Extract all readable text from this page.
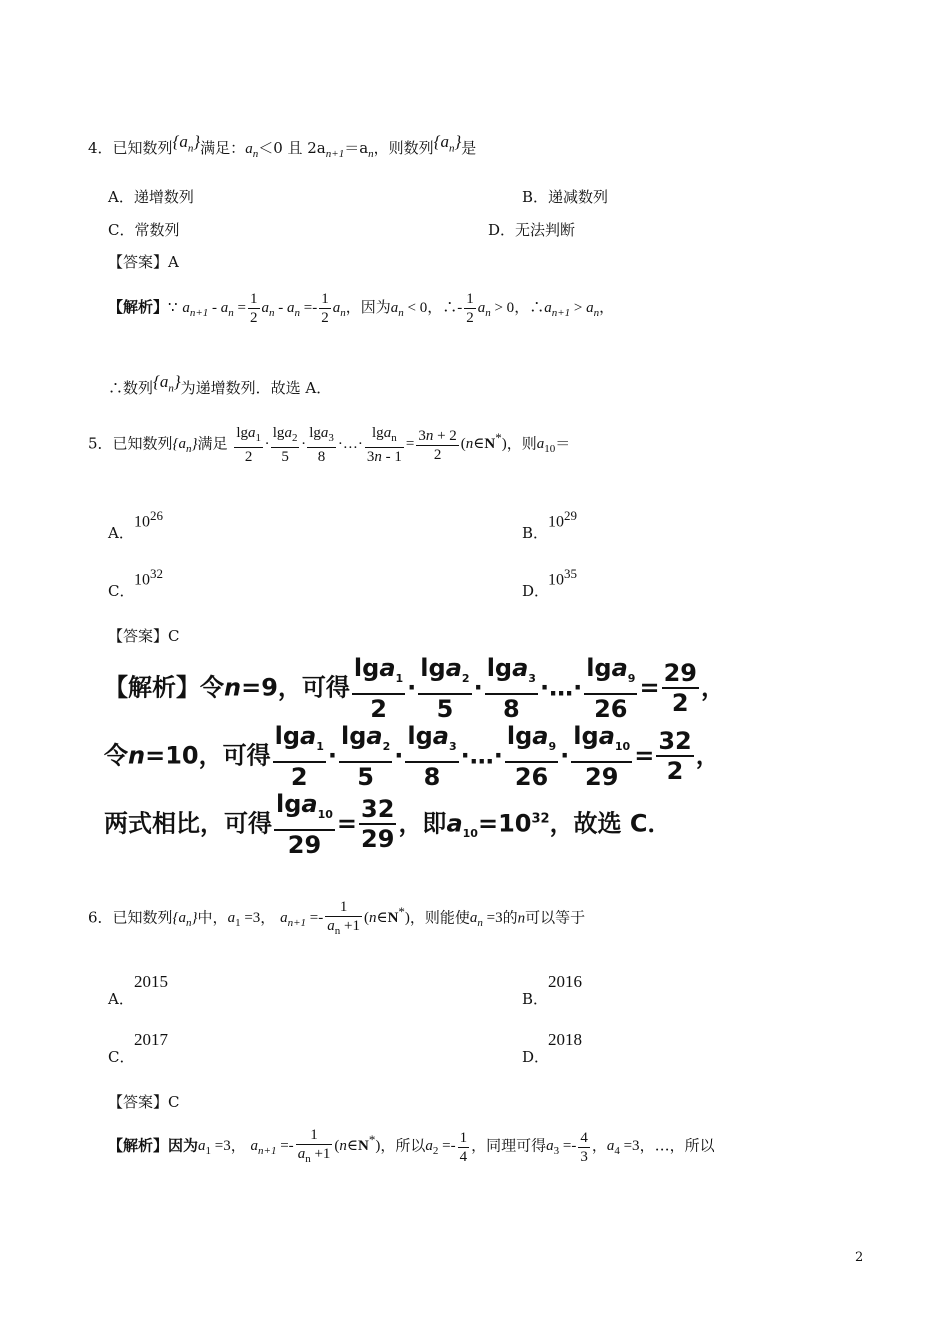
4．已知数列$\{a_n\}$满足：$a_n<0$ 且 $2a_{n+1}=a_n$，则数列$\{a_n\}$是
A．递增数列	B．递减数列
C．常数列	D．无法判断
【答案】A
【解析】∵ $a_{n+1} - a_n = \frac{1}{2} a_n - a_n =- \frac{1}{2} a_n$，因为$a_n < 0$，∴- $\frac{1}{2} a_n > 0$，$\therefore a_{n+1} > a_n$，
∴数列$\{a_n\}$为递增数列．故选 A．
5．已知数列$\{a_n\}$满足 $\frac{\lg a_1}{2} \cdot \frac{\lg a_2}{5} \cdot \frac{\lg a_3}{8}$ ·…· $\frac{\lg a_n}{3n - 1} = \frac{3n + 2}{2}$ (n∈N*)，则$a_{10}=$
A．
$10^{26}$
B．
$10^{29}$
C．
$10^{32}$
D．
$10^{35}$
【答案】C
【解析】令n=9，可得 $\frac{\lg a_1}{2} \cdot \frac{\lg a_2}{5} \cdot \frac{\lg a_3}{8}$ ·…· $\frac{\lg a_9}{26} = \frac{29}{2}$ ，
令n=10，可得 $\frac{\lg a_1}{2} \cdot \frac{\lg a_2}{5} \cdot \frac{\lg a_3}{8}$ ·…· $\frac{\lg a_9}{26} \cdot \frac{\lg a_{10}}{29} = \frac{32}{2}$ ，
两式相比，可得 $\frac{\lg a_{10}}{29} = \frac{32}{29}$ ，即$a_{10}=10^{32}$，故选 C．
6．已知数列$\{a_n\}$中，$a_1 =3$， $a_{n+1} =- \frac{1}{a_n +1}$ (n∈N*)，则能使$a_n =3$的n可以等于
A．
2015
B．
2016
C．
2017
D．
2018
【答案】C
【解析】因为$a_1 =3$， $a_{n+1} =- \frac{1}{a_n +1}$ (n∈N*)，所以$a_2 =- \frac{1}{4}$ ，同理可得$a_3 =- \frac{4}{3}$ ，$a_4 =3$，…，所以
2
